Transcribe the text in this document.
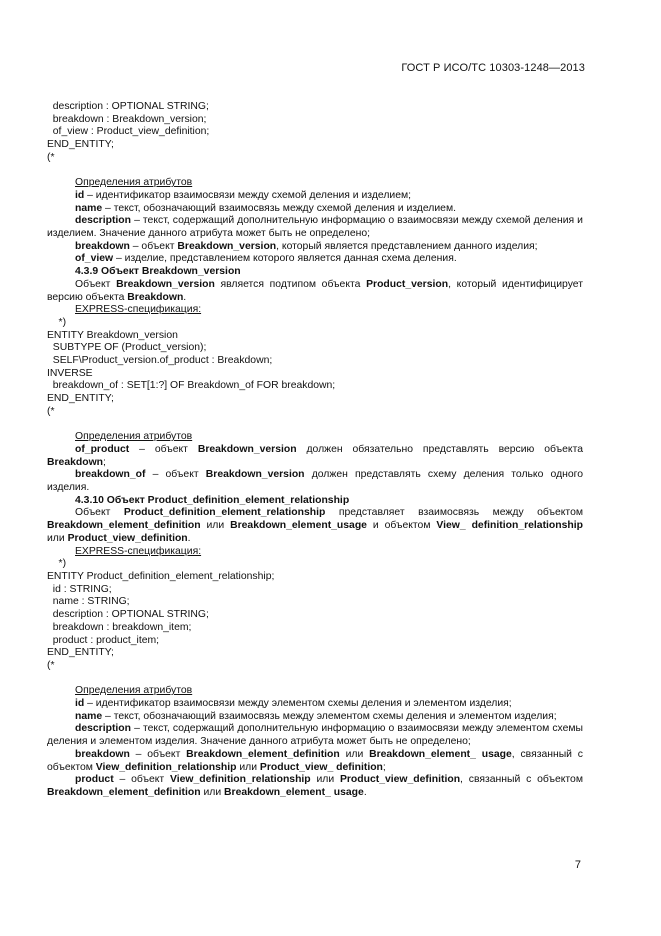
ГОСТ Р ИСО/ТС 10303-1248—2013
description : OPTIONAL STRING;
breakdown : Breakdown_version;
of_view : Product_view_definition;
END_ENTITY;
(*
Определения атрибутов

id – идентификатор взаимосвязи между схемой деления и изделием;

name – текст, обозначающий взаимосвязь между схемой деления и изделием.

description – текст, содержащий дополнительную информацию о взаимосвязи между схемой деления и изделием. Значение данного атрибута может быть не определено;

breakdown – объект Breakdown_version, который является представлением данного изделия;

of_view – изделие, представлением которого является данная схема деления.

4.3.9 Объект Breakdown_version

Объект Breakdown_version является подтипом объекта Product_version, который идентифицирует версию объекта Breakdown.

EXPRESS-спецификация:
*)
ENTITY Breakdown_version
SUBTYPE OF (Product_version);
SELF\Product_version.of_product : Breakdown;
INVERSE
breakdown_of : SET[1:?] OF Breakdown_of FOR breakdown;
END_ENTITY;
(*
Определения атрибутов

of_product – объект Breakdown_version должен обязательно представлять версию объекта Breakdown;

breakdown_of – объект Breakdown_version должен представлять схему деления только одного изделия.

4.3.10 Объект Product_definition_element_relationship

Объект Product_definition_element_relationship представляет взаимосвязь между объектом Breakdown_element_definition или Breakdown_element_usage и объектом View_ definition_relationship или Product_view_definition.

EXPRESS-спецификация:
*)
ENTITY Product_definition_element_relationship;
id : STRING;
name : STRING;
description : OPTIONAL STRING;
breakdown : breakdown_item;
product : product_item;
END_ENTITY;
(*
Определения атрибутов

id – идентификатор взаимосвязи между элементом схемы деления и элементом изделия;

name – текст, обозначающий взаимосвязь между элементом схемы деления и элементом изделия;

description – текст, содержащий дополнительную информацию о взаимосвязи между элементом схемы деления и элементом изделия. Значение данного атрибута может быть не определено;

breakdown – объект Breakdown_element_definition или Breakdown_element_ usage, связанный с объектом View_definition_relationship или Product_view_ definition;

product – объект View_definition_relationship или Product_view_definition, связанный с объектом Breakdown_element_definition или Breakdown_element_ usage.

7
